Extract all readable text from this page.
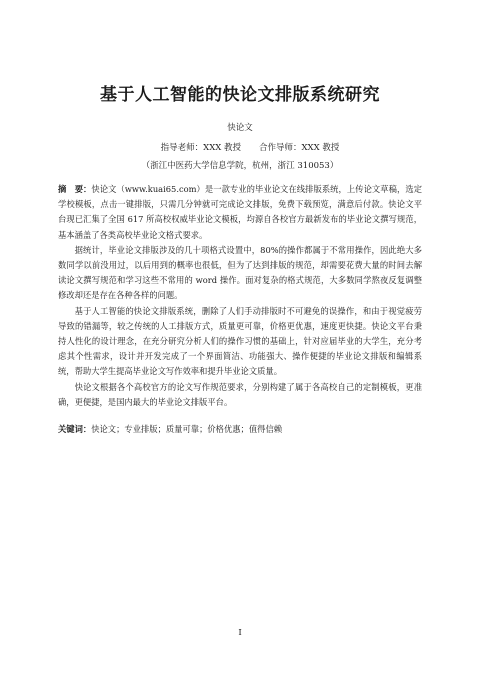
基于人工智能的快论文排版系统研究
快论文
指导老师：XXX 教授 合作导师：XXX 教授
（浙江中医药大学信息学院，杭州，浙江 310053）

摘　要：快论文（www.kuai65.com）是一款专业的毕业论文在线排版系统，上传论文草稿，选定学校模板，点击一键排版，只需几分钟就可完成论文排版，免费下载预览，满意后付款。快论文平台现已汇集了全国 617 所高校权威毕业论文模板，均源自各校官方最新发布的毕业论文撰写规范，基本涵盖了各类高校毕业论文格式要求。

据统计，毕业论文排版涉及的几十项格式设置中，80%的操作都属于不常用操作，因此绝大多数同学以前没用过，以后用到的概率也很低，但为了达到排版的规范，却需要花费大量的时间去解读论文撰写规范和学习这些不常用的 word 操作。面对复杂的格式规范，大多数同学熬夜反复调整修改却还是存在各种各样的问题。

基于人工智能的快论文排版系统，删除了人们手动排版时不可避免的误操作，和由于视觉疲劳导致的错漏等，较之传统的人工排版方式，质量更可靠，价格更优惠，速度更快捷。快论文平台秉持人性化的设计理念，在充分研究分析人们的操作习惯的基础上，针对应届毕业的大学生，充分考虑其个性需求，设计并开发完成了一个界面简洁、功能强大、操作便捷的毕业论文排版和编辑系统，帮助大学生提高毕业论文写作效率和提升毕业论文质量。

快论文根据各个高校官方的论文写作规范要求，分别构建了属于各高校自己的定制模板，更准确，更便捷，是国内最大的毕业论文排版平台。

关键词：快论文；专业排版；质量可靠；价格优惠；值得信赖
I
